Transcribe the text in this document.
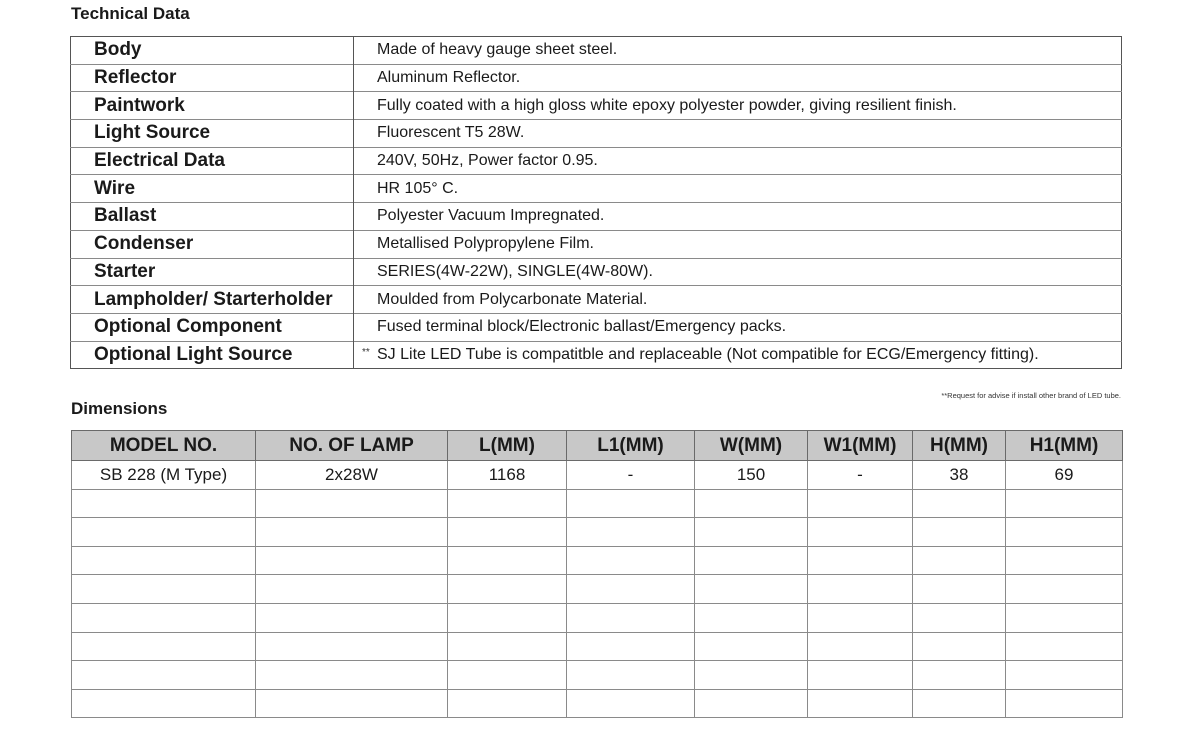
Technical Data
Body	Made of heavy gauge sheet steel.
Reflector	Aluminum Reflector.
Paintwork	Fully coated with a high gloss white epoxy polyester powder, giving resilient finish.
Light Source	Fluorescent T5 28W.
Electrical Data	240V, 50Hz, Power factor 0.95.
Wire	HR 105° C.
Ballast	Polyester Vacuum Impregnated.
Condenser	Metallised Polypropylene Film.
Starter	SERIES(4W-22W), SINGLE(4W-80W).
Lampholder/ Starterholder	Moulded from Polycarbonate Material.
Optional Component	Fused terminal block/Electronic ballast/Emergency packs.
Optional Light Source	** SJ Lite LED Tube is compatitble and replaceable (Not compatible for ECG/Emergency fitting).
**Request for advise if install other brand of LED tube.
Dimensions
MODEL NO.	NO. OF LAMP	L(MM)	L1(MM)	W(MM)	W1(MM)	H(MM)	H1(MM)
SB 228 (M Type)	2x28W	1168	-	150	-	38	69
